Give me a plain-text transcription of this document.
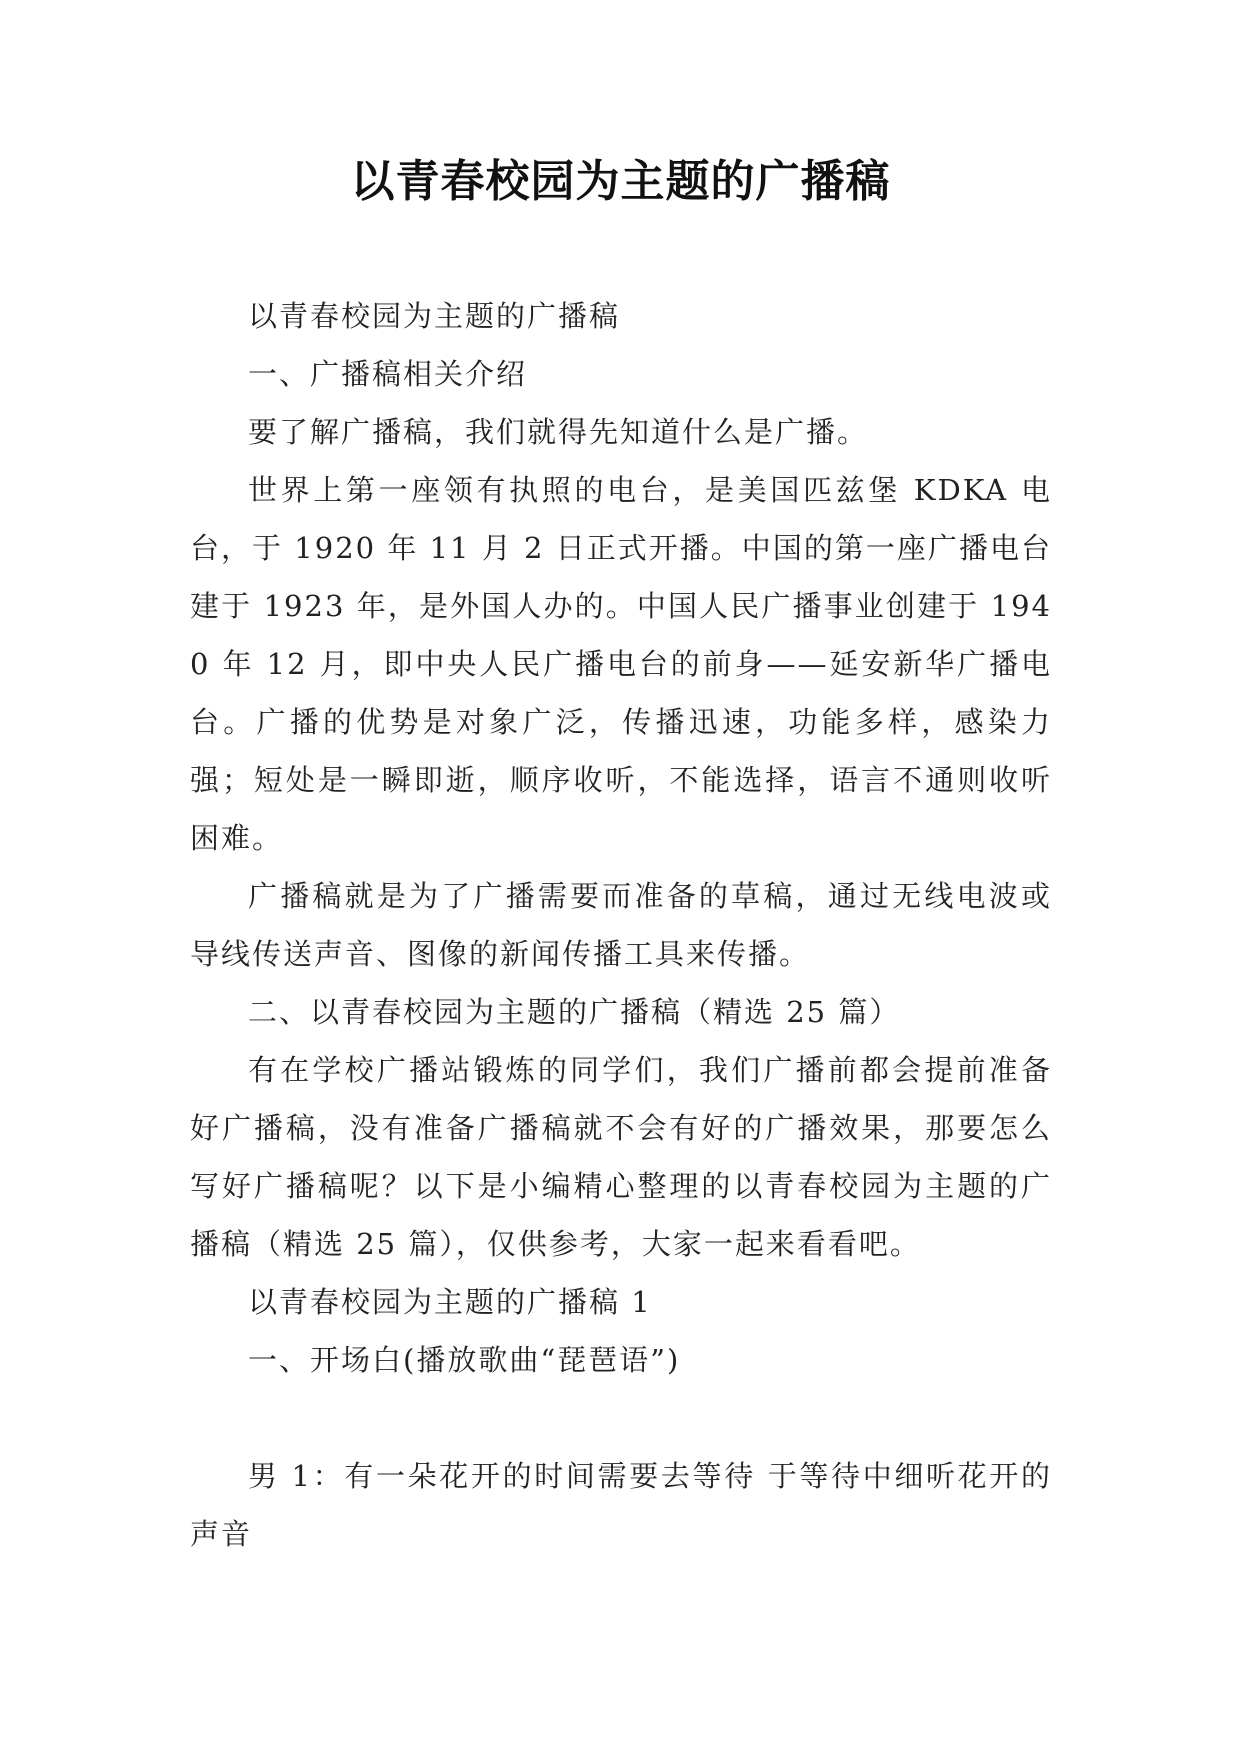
以青春校园为主题的广播稿

以青春校园为主题的广播稿

一、广播稿相关介绍

要了解广播稿，我们就得先知道什么是广播。

世界上第一座领有执照的电台，是美国匹兹堡 KDKA 电台，于 1920 年 11 月 2 日正式开播。中国的第一座广播电台建于 1923 年，是外国人办的。中国人民广播事业创建于 1940 年 12 月，即中央人民广播电台的前身——延安新华广播电台。广播的优势是对象广泛，传播迅速，功能多样，感染力强；短处是一瞬即逝，顺序收听，不能选择，语言不通则收听困难。

广播稿就是为了广播需要而准备的草稿，通过无线电波或导线传送声音、图像的新闻传播工具来传播。

二、以青春校园为主题的广播稿（精选 25 篇）

有在学校广播站锻炼的同学们，我们广播前都会提前准备好广播稿，没有准备广播稿就不会有好的广播效果，那要怎么写好广播稿呢？以下是小编精心整理的以青春校园为主题的广播稿（精选 25 篇），仅供参考，大家一起来看看吧。

以青春校园为主题的广播稿 1

一、开场白(播放歌曲“琵琶语”)

男 1：有一朵花开的时间需要去等待 于等待中细听花开的声音
